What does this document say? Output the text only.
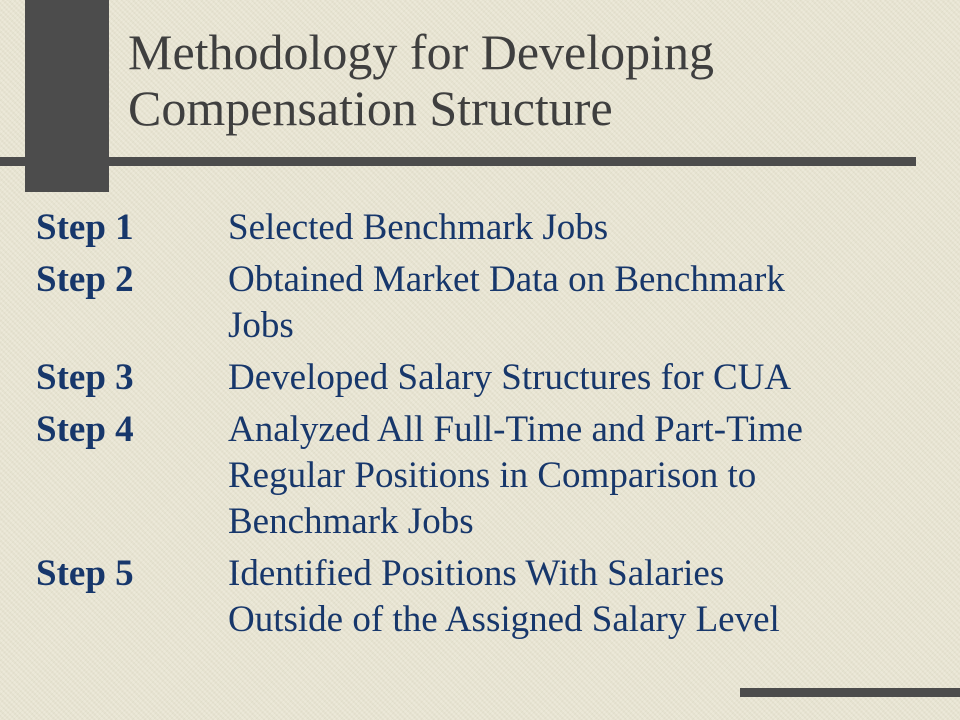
Methodology for Developing
Compensation Structure
Step 1	Selected Benchmark Jobs
Step 2	Obtained Market Data on Benchmark
Jobs
Step 3	Developed Salary Structures for CUA
Step 4	Analyzed All Full-Time and Part-Time
Regular Positions in Comparison to
Benchmark Jobs
Step 5	Identified Positions With Salaries
Outside of the Assigned Salary Level
